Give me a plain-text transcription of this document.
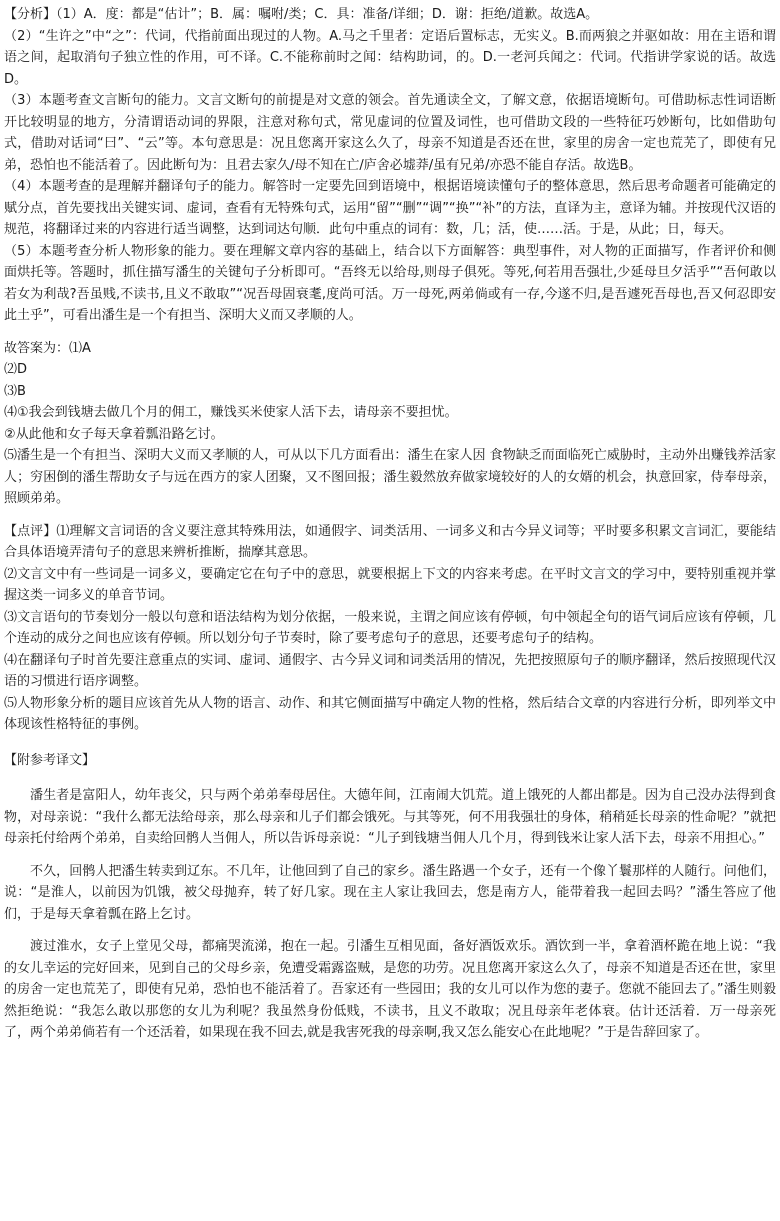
【分析】（1）A．度：都是“估计”；B．属：嘱咐/类；C．具：准备/详细；D．谢：拒绝/道歉。故选A。

（2）“生许之”中“之”：代词，代指前面出现过的人物。A.马之千里者：定语后置标志，无实义。B.而两狼之并驱如故：用在主语和谓语之间，起取消句子独立性的作用，可不译。C.不能称前时之闻：结构助词，的。D.一老河兵闻之：代词。代指讲学家说的话。故选D。

（3）本题考查文言断句的能力。文言文断句的前提是对文意的领会。首先通读全文，了解文意，依据语境断句。可借助标志性词语断开比较明显的地方，分清谓语动词的界限，注意对称句式，常见虚词的位置及词性，也可借助文段的一些特征巧妙断句，比如借助句式，借助对话词“曰”、“云”等。本句意思是：况且您离开家这么久了，母亲不知道是否还在世，家里的房舍一定也荒芜了，即使有兄弟，恐怕也不能活着了。因此断句为：且君去家久/母不知在亡/庐舍必墟莽/虽有兄弟/亦恐不能自存活。故选B。

（4）本题考查的是理解并翻译句子的能力。解答时一定要先回到语境中，根据语境读懂句子的整体意思，然后思考命题者可能确定的赋分点，首先要找出关键实词、虚词，查看有无特殊句式，运用“留”“删”“调”“换”“补”的方法，直译为主，意译为辅。并按现代汉语的规范，将翻译过来的内容进行适当调整，达到词达句顺．此句中重点的词有：数，几；活，使……活。于是，从此；日，每天。

（5）本题考查分析人物形象的能力。要在理解文章内容的基础上，结合以下方面解答：典型事件，对人物的正面描写，作者评价和侧面烘托等。答题时，抓住描写潘生的关键句子分析即可。“吾终无以给母,则母子俱死。等死,何若用吾强壮,少延母旦夕活乎”“吾何敢以若女为利哉?吾虽贱,不读书,且义不敢取”“况吾母固衰耄,度尚可活。万一母死,两弟倘或有一存,今遂不归,是吾遽死吾母也,吾又何忍即安此土乎”，可看出潘生是一个有担当、深明大义而又孝顺的人。

故答案为：⑴A

⑵D

⑶B

⑷①我会到钱塘去做几个月的佣工，赚饯买米使家人活下去，请母亲不要担忧。

②从此他和女子每天拿着瓢沿路乞讨。

⑸潘生是一个有担当、深明大义而又孝顺的人，可从以下几方面看出：潘生在家人因 食物缺乏而面临死亡威胁时，主动外出赚钱养活家人；穷困倒的潘生帮助女子与远在西方的家人团聚，又不图回报；潘生毅然放弃做家境较好的人的女婿的机会，执意回家，侍奉母亲，照顾弟弟。

【点评】⑴理解文言词语的含义要注意其特殊用法，如通假字、词类活用、一词多义和古今异义词等；平时要多积累文言词汇，要能结合具体语境弄清句子的意思来辨析推断，揣摩其意思。

⑵文言文中有一些词是一词多义，要确定它在句子中的意思，就要根据上下文的内容来考虑。在平时文言文的学习中，要特别重视并掌握这类一词多义的单音节词。

⑶文言语句的节奏划分一般以句意和语法结构为划分依据，一般来说，主谓之间应该有停顿，句中领起全句的语气词后应该有停顿，几个连动的成分之间也应该有停顿。所以划分句子节奏时，除了要考虑句子的意思，还要考虑句子的结构。

⑷在翻译句子时首先要注意重点的实词、虚词、通假字、古今异义词和词类活用的情况，先把按照原句子的顺序翻译，然后按照现代汉语的习惯进行语序调整。

⑸人物形象分析的题目应该首先从人物的语言、动作、和其它侧面描写中确定人物的性格，然后结合文章的内容进行分析，即列举文中体现该性格特征的事例。

【附参考译文】

潘生者是富阳人，幼年丧父，只与两个弟弟奉母居住。大德年间，江南闹大饥荒。道上饿死的人都出都是。因为自己没办法得到食物，对母亲说：“我什么都无法给母亲，那么母亲和儿子们都会饿死。与其等死，何不用我强壮的身体，稍稍延长母亲的性命呢？”就把母亲托付给两个弟弟，自卖给回鹘人当佣人，所以告诉母亲说：“儿子到钱塘当佣人几个月，得到钱米让家人活下去，母亲不用担心。”

不久，回鹘人把潘生转卖到辽东。不几年，让他回到了自己的家乡。潘生路遇一个女子，还有一个像丫鬟那样的人随行。问他们，说：“是淮人，以前因为饥饿，被父母抛弃，转了好几家。现在主人家让我回去，您是南方人，能带着我一起回去吗？”潘生答应了他们，于是每天拿着瓢在路上乞讨。

渡过淮水，女子上堂见父母，都痛哭流涕，抱在一起。引潘生互相见面，备好酒饭欢乐。酒饮到一半，拿着酒杯跪在地上说：“我的女儿幸运的完好回来，见到自己的父母乡亲，免遭受霜露盗贼，是您的功劳。况且您离开家这么久了，母亲不知道是否还在世，家里的房舍一定也荒芜了，即使有兄弟，恐怕也不能活着了。吾家还有一些园田；我的女儿可以作为您的妻子。您就不能回去了。”潘生则毅然拒绝说：“我怎么敢以那您的女儿为利呢？我虽然身份低贱，不读书，且义不敢取；况且母亲年老体衰。估计还活着．万一母亲死了，两个弟弟倘若有一个还活着，如果现在我不回去,就是我害死我的母亲啊,我又怎么能安心在此地呢？”于是告辞回家了。
